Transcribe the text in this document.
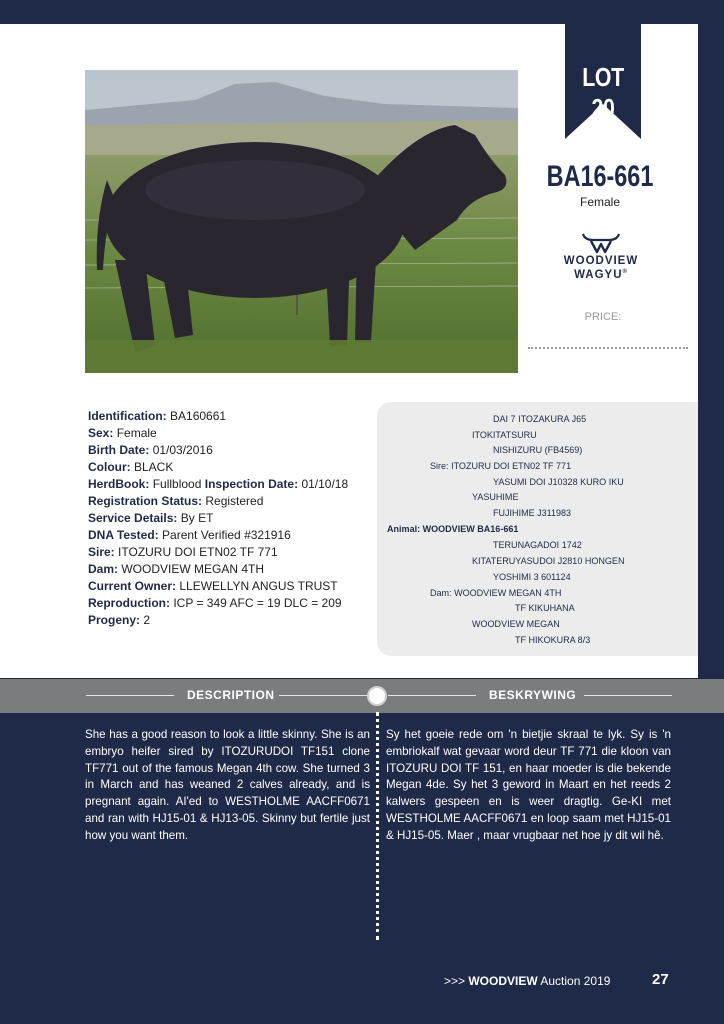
LOT 20
BA16-661
Female
WOODVIEW
WAGYU®
PRICE:
Identification: BA160661
Sex: Female
Birth Date: 01/03/2016
Colour: BLACK
HerdBook: Fullblood Inspection Date: 01/10/18
Registration Status: Registered
Service Details: By ET
DNA Tested: Parent Verified #321916
Sire: ITOZURU DOI ETN02 TF 771
Dam: WOODVIEW MEGAN 4TH
Current Owner: LLEWELLYN ANGUS TRUST
Reproduction: ICP = 349 AFC = 19 DLC = 209
Progeny: 2
DAI 7 ITOZAKURA J65
ITOKITATSURU
NISHIZURU (FB4569)
Sire: ITOZURU DOI ETN02 TF 771
YASUMI DOI J10328 KURO IKU
YASUHIME
FUJIHIME J311983
Animal: WOODVIEW BA16-661
TERUNAGADOI 1742
KITATERUYASUDOI J2810 HONGEN
YOSHIMI 3 601124
Dam: WOODVIEW MEGAN 4TH
TF KIKUHANA
WOODVIEW MEGAN
TF HIKOKURA 8/3
DESCRIPTION	BESKRYWING
She has a good reason to look a little skinny. She is an embryo heifer sired by ITOZURUDOI TF151 clone TF771 out of the famous Megan 4th cow. She turned 3 in March and has weaned 2 calves already, and is pregnant again. AI'ed to WESTHOLME AACFF0671 and ran with HJ15-01 & HJ13-05. Skinny but fertile just how you want them.
Sy het goeie rede om 'n bietjie skraal te lyk. Sy is 'n embriokalf wat gevaar word deur TF 771 die kloon van ITOZURU DOI TF 151, en haar moeder is die bekende Megan 4de. Sy het 3 geword in Maart en het reeds 2 kalwers gespeen en is weer dragtig. Ge-KI met WESTHOLME AACFF0671 en loop saam met HJ15-01 & HJ15-05. Maer , maar vrugbaar net hoe jy dit wil hê.
>>> WOODVIEW Auction 2019	27
